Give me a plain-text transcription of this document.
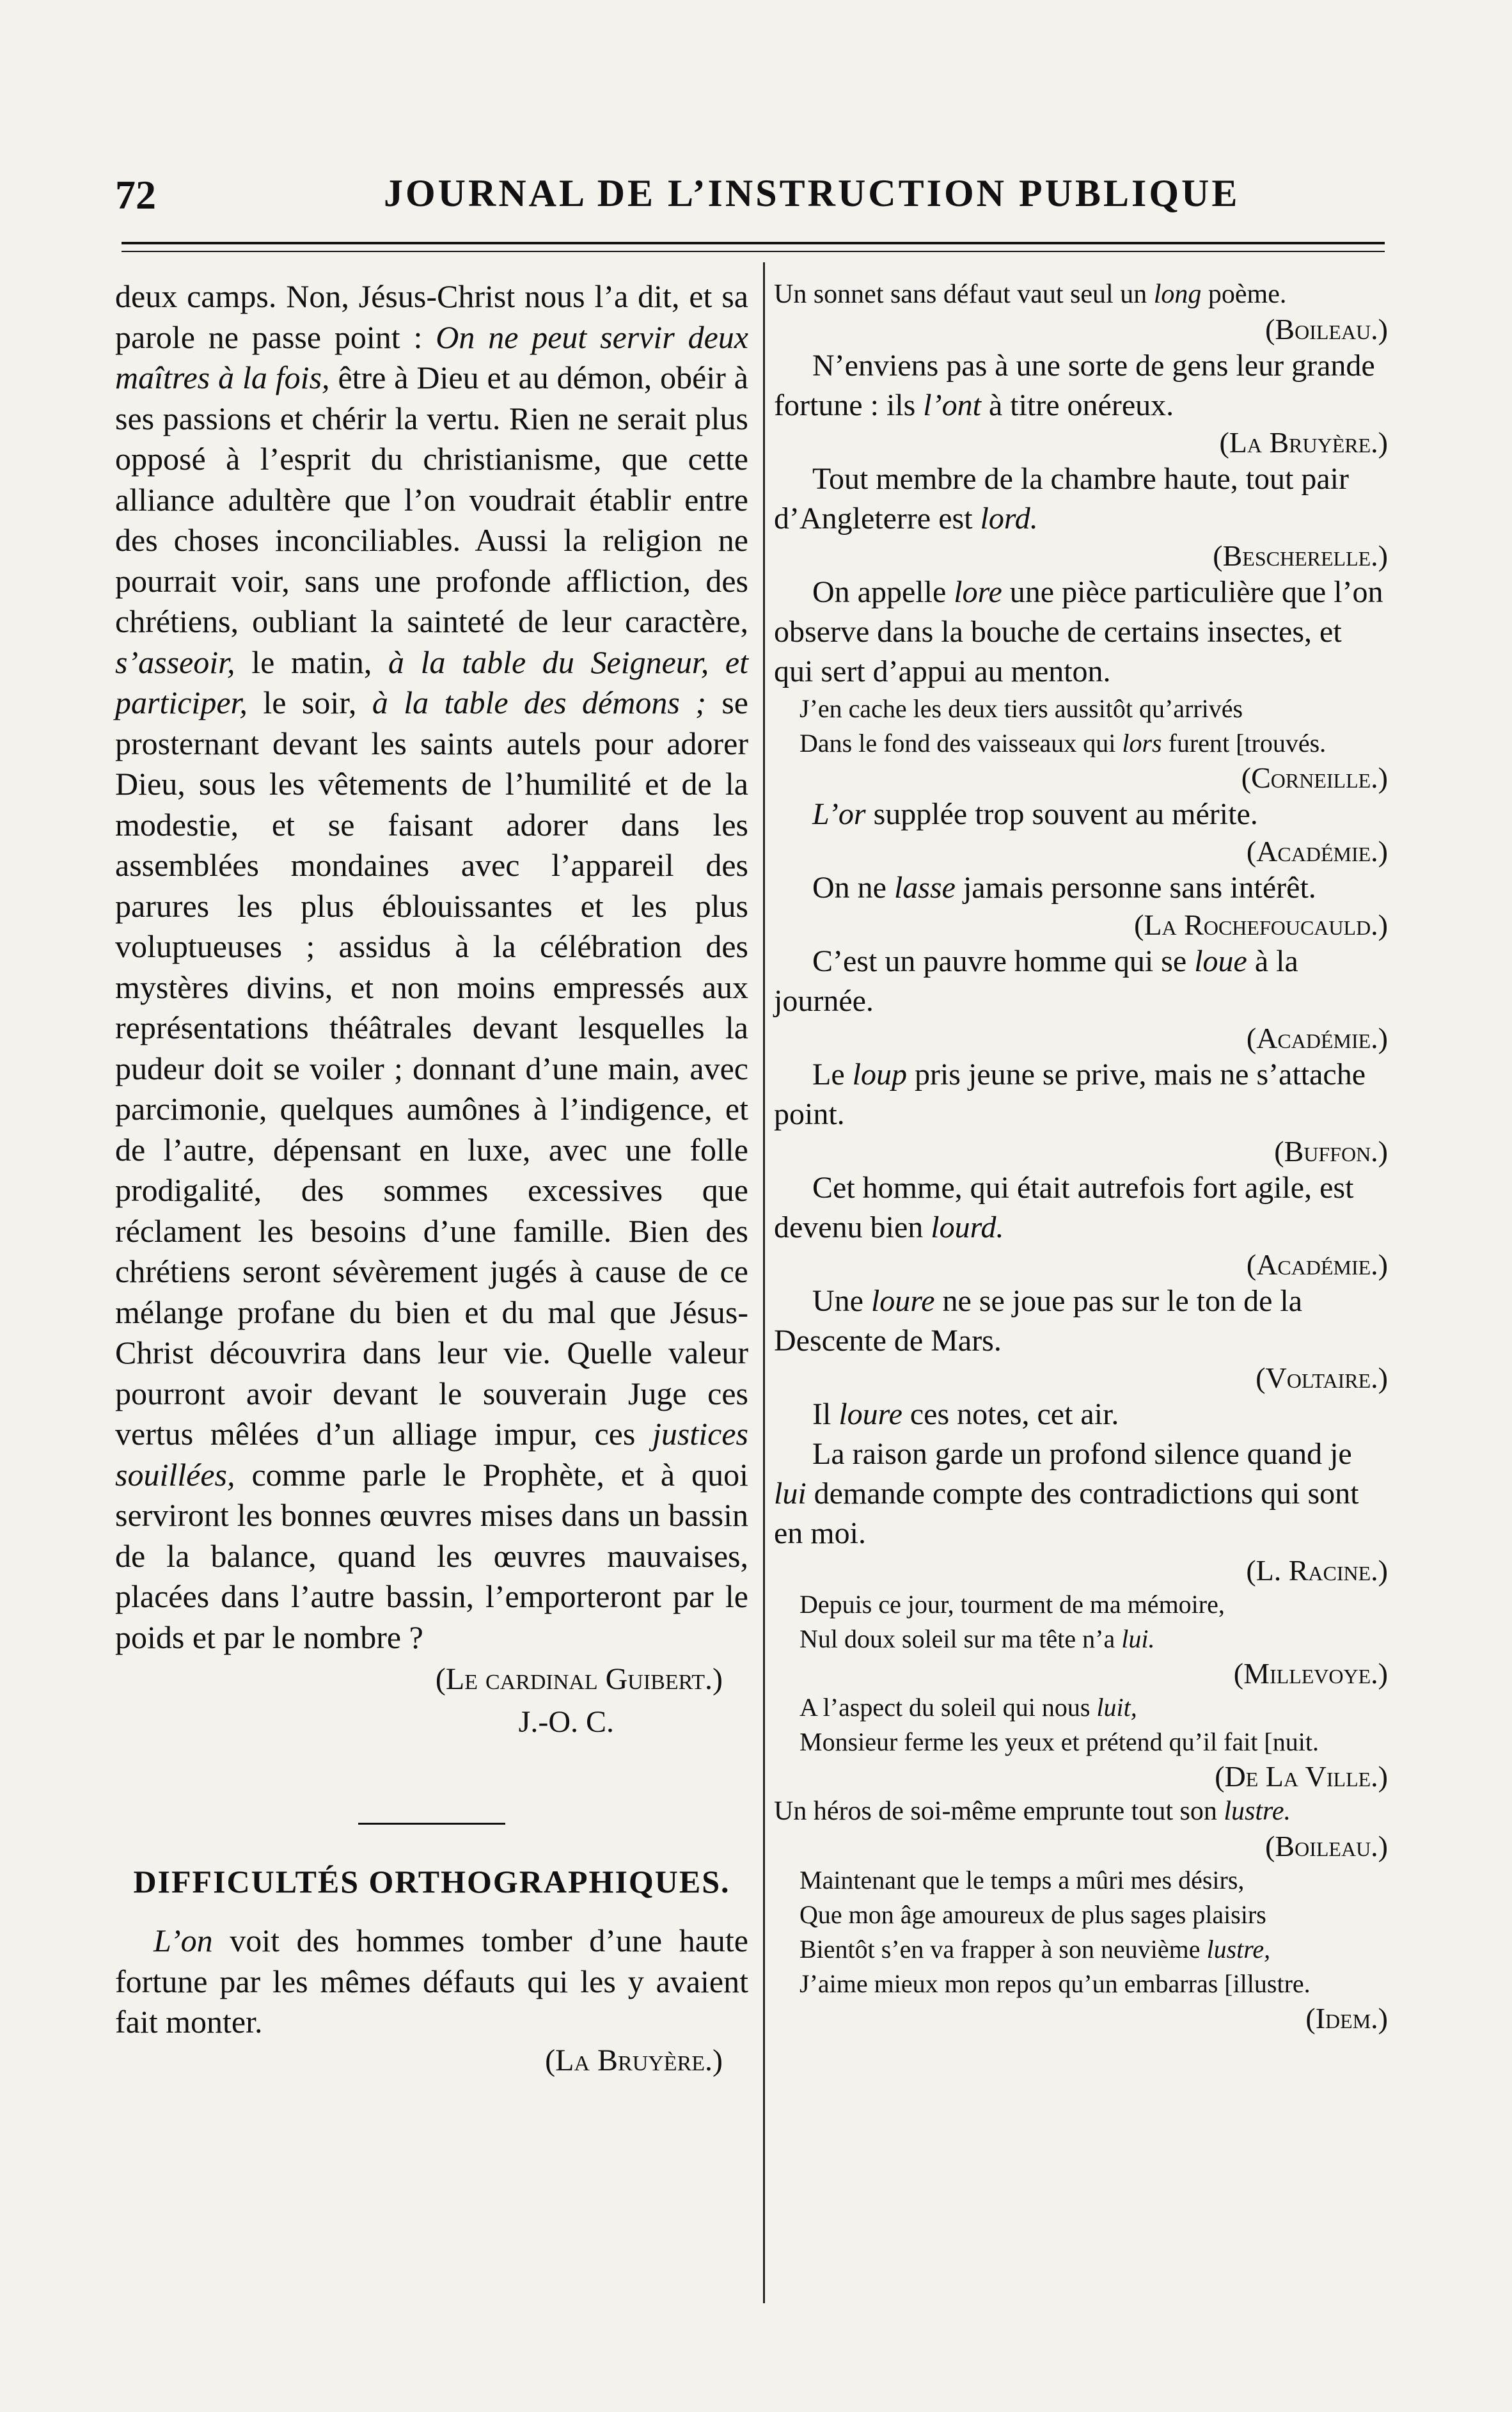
72	JOURNAL DE L’INSTRUCTION PUBLIQUE

deux camps. Non, Jésus-Christ nous l’a dit, et sa parole ne passe point : On ne peut servir deux maîtres à la fois, être à Dieu et au démon, obéir à ses passions et chérir la vertu. Rien ne serait plus opposé à l’esprit du christianisme, que cette alliance adultère que l’on voudrait établir entre des choses inconciliables. Aussi la religion ne pourrait voir, sans une profonde affliction, des chrétiens, oubliant la sainteté de leur caractère, s’asseoir, le matin, à la table du Seigneur, et participer, le soir, à la table des démons ; se prosternant devant les saints autels pour adorer Dieu, sous les vêtements de l’humilité et de la modestie, et se faisant adorer dans les assemblées mondaines avec l’appareil des parures les plus éblouissantes et les plus voluptueuses ; assidus à la célébration des mystères divins, et non moins empressés aux représentations théâtrales devant lesquelles la pudeur doit se voiler ; donnant d’une main, avec parcimonie, quelques aumônes à l’indigence, et de l’autre, dépensant en luxe, avec une folle prodigalité, des sommes excessives que réclament les besoins d’une famille. Bien des chrétiens seront sévèrement jugés à cause de ce mélange profane du bien et du mal que Jésus-Christ découvrira dans leur vie. Quelle valeur pourront avoir devant le souverain Juge ces vertus mêlées d’un alliage impur, ces justices souillées, comme parle le Prophète, et à quoi serviront les bonnes œuvres mises dans un bassin de la balance, quand les œuvres mauvaises, placées dans l’autre bassin, l’emporteront par le poids et par le nombre ?

(Le cardinal Guibert.)
J.-O. C.
DIFFICULTÉS ORTHOGRAPHIQUES.

L’on voit des hommes tomber d’une haute fortune par les mêmes défauts qui les y avaient fait monter.

(La Bruyère.)
Un sonnet sans défaut vaut seul un long poème.
(Boileau.)
N’enviens pas à une sorte de gens leur grande fortune : ils l’ont à titre onéreux.
(La Bruyère.)
Tout membre de la chambre haute, tout pair d’Angleterre est lord.
(Bescherelle.)
On appelle lore une pièce particulière que l’on observe dans la bouche de certains insectes, et qui sert d’appui au menton.
J’en cache les deux tiers aussitôt qu’arrivés
Dans le fond des vaisseaux qui lors furent [trouvés.
(Corneille.)
L’or supplée trop souvent au mérite.
(Académie.)
On ne lasse jamais personne sans intérêt.
(La Rochefoucauld.)
C’est un pauvre homme qui se loue à la journée.
(Académie.)
Le loup pris jeune se prive, mais ne s’attache point.
(Buffon.)
Cet homme, qui était autrefois fort agile, est devenu bien lourd.
(Académie.)
Une loure ne se joue pas sur le ton de la Descente de Mars.
(Voltaire.)
Il loure ces notes, cet air.
La raison garde un profond silence quand je lui demande compte des contradictions qui sont en moi.
(L. Racine.)
Depuis ce jour, tourment de ma mémoire,
Nul doux soleil sur ma tête n’a lui.
(Millevoye.)
A l’aspect du soleil qui nous luit,
Monsieur ferme les yeux et prétend qu’il fait [nuit.
(De La Ville.)
Un héros de soi-même emprunte tout son lustre.
(Boileau.)
Maintenant que le temps a mûri mes désirs,
Que mon âge amoureux de plus sages plaisirs
Bientôt s’en va frapper à son neuvième lustre,
J’aime mieux mon repos qu’un embarras [illustre.
(Idem.)
